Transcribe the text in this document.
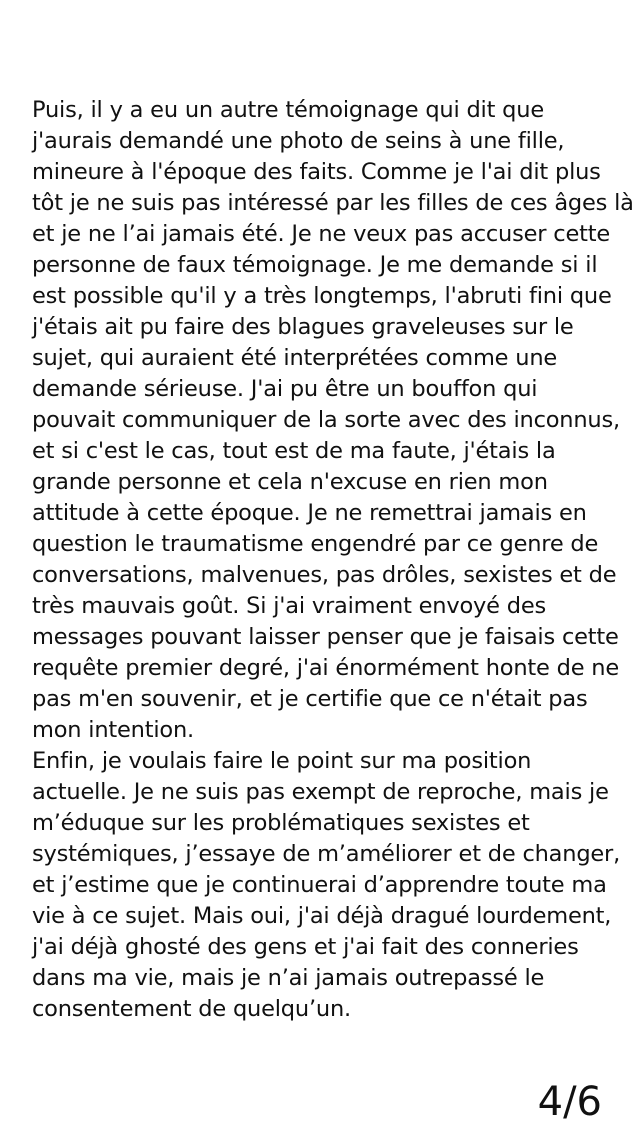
Puis, il y a eu un autre témoignage qui dit que
j'aurais demandé une photo de seins à une fille,
mineure à l'époque des faits. Comme je l'ai dit plus
tôt je ne suis pas intéressé par les filles de ces âges là
et je ne l’ai jamais été. Je ne veux pas accuser cette
personne de faux témoignage. Je me demande si il
est possible qu'il y a très longtemps, l'abruti fini que
j'étais ait pu faire des blagues graveleuses sur le
sujet, qui auraient été interprétées comme une
demande sérieuse. J'ai pu être un bouffon qui
pouvait communiquer de la sorte avec des inconnus,
et si c'est le cas, tout est de ma faute, j'étais la
grande personne et cela n'excuse en rien mon
attitude à cette époque. Je ne remettrai jamais en
question le traumatisme engendré par ce genre de
conversations, malvenues, pas drôles, sexistes et de
très mauvais goût. Si j'ai vraiment envoyé des
messages pouvant laisser penser que je faisais cette
requête premier degré, j'ai énormément honte de ne
pas m'en souvenir, et je certifie que ce n'était pas
mon intention.
Enfin, je voulais faire le point sur ma position
actuelle. Je ne suis pas exempt de reproche, mais je
m’éduque sur les problématiques sexistes et
systémiques, j’essaye de m’améliorer et de changer,
et j’estime que je continuerai d’apprendre toute ma
vie à ce sujet. Mais oui, j'ai déjà dragué lourdement,
j'ai déjà ghosté des gens et j'ai fait des conneries
dans ma vie, mais je n’ai jamais outrepassé le
consentement de quelqu’un.
4/6
